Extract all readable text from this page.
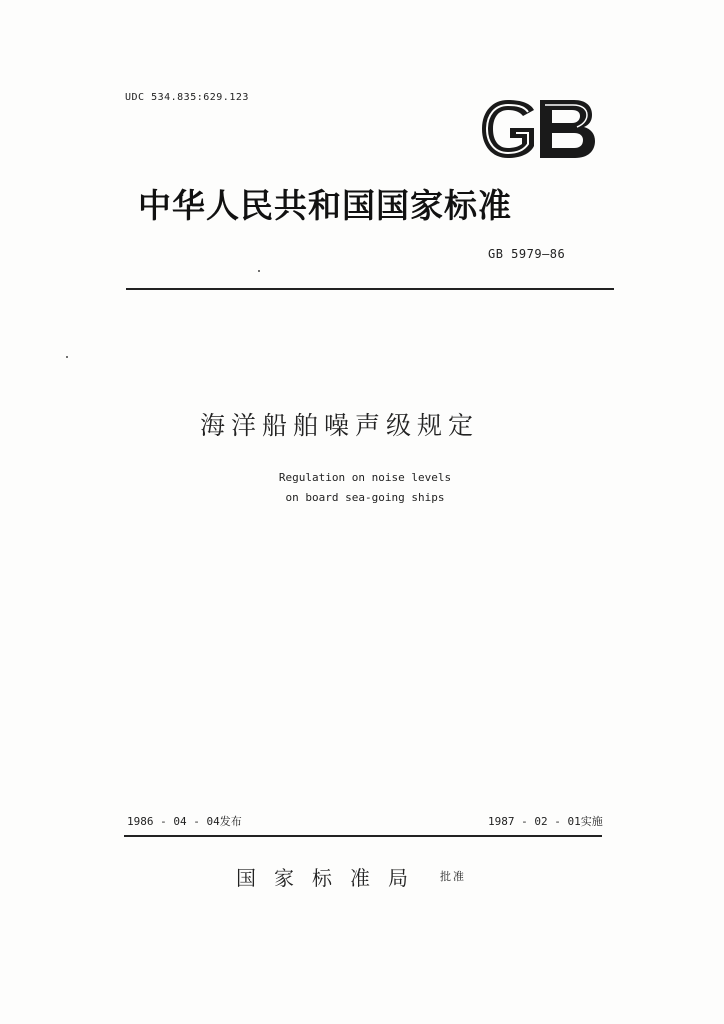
UDC 534.835:629.123
中华人民共和国国家标准
GB 5979—86
海洋船舶噪声级规定
Regulation on noise levels
on board sea-going ships
1986 - 04 - 04发布	1987 - 02 - 01实施
国家标准局 批准
